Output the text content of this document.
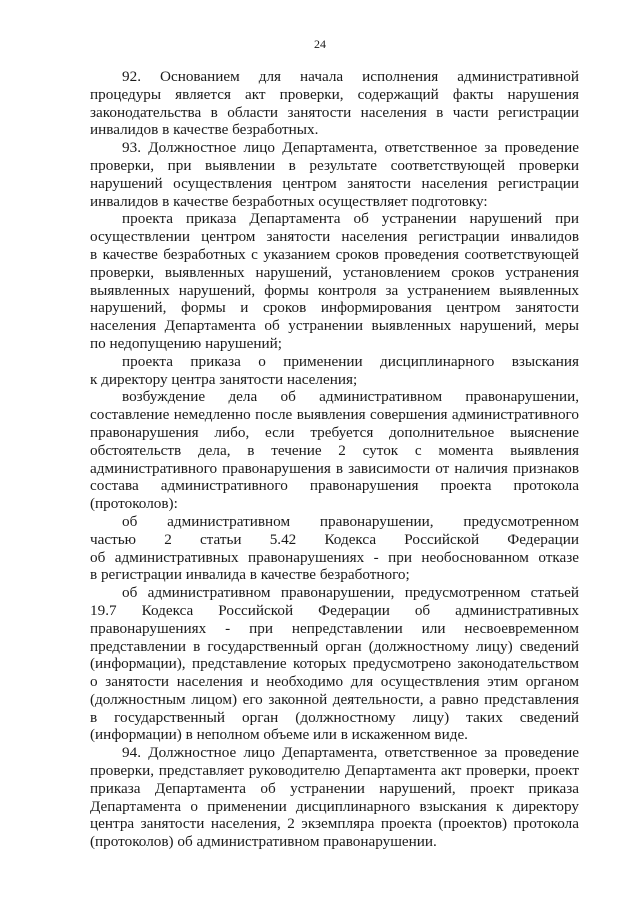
24
92. Основанием для начала исполнения административной
процедуры является акт проверки, содержащий факты нарушения
законодательства в области занятости населения в части регистрации
инвалидов в качестве безработных.
93. Должностное лицо Департамента, ответственное за проведение
проверки, при выявлении в результате соответствующей проверки
нарушений осуществления центром занятости населения регистрации
инвалидов в качестве безработных осуществляет подготовку:
проекта приказа Департамента об устранении нарушений при
осуществлении центром занятости населения регистрации инвалидов
в качестве безработных с указанием сроков проведения соответствующей
проверки, выявленных нарушений, установлением сроков устранения
выявленных нарушений, формы контроля за устранением выявленных
нарушений, формы и сроков информирования центром занятости
населения Департамента об устранении выявленных нарушений, меры
по недопущению нарушений;
проекта приказа о применении дисциплинарного взыскания
к директору центра занятости населения;
возбуждение дела об административном правонарушении,
составление немедленно после выявления совершения административного
правонарушения либо, если требуется дополнительное выяснение
обстоятельств дела, в течение 2 суток с момента выявления
административного правонарушения в зависимости от наличия признаков
состава административного правонарушения проекта протокола
(протоколов):
об административном правонарушении, предусмотренном
частью 2 статьи 5.42 Кодекса Российской Федерации
об административных правонарушениях - при необоснованном отказе
в регистрации инвалида в качестве безработного;
об административном правонарушении, предусмотренном статьей
19.7 Кодекса Российской Федерации об административных
правонарушениях - при непредставлении или несвоевременном
представлении в государственный орган (должностному лицу) сведений
(информации), представление которых предусмотрено законодательством
о занятости населения и необходимо для осуществления этим органом
(должностным лицом) его законной деятельности, а равно представления
в государственный орган (должностному лицу) таких сведений
(информации) в неполном объеме или в искаженном виде.
94. Должностное лицо Департамента, ответственное за проведение
проверки, представляет руководителю Департамента акт проверки, проект
приказа Департамента об устранении нарушений, проект приказа
Департамента о применении дисциплинарного взыскания к директору
центра занятости населения, 2 экземпляра проекта (проектов) протокола
(протоколов) об административном правонарушении.
